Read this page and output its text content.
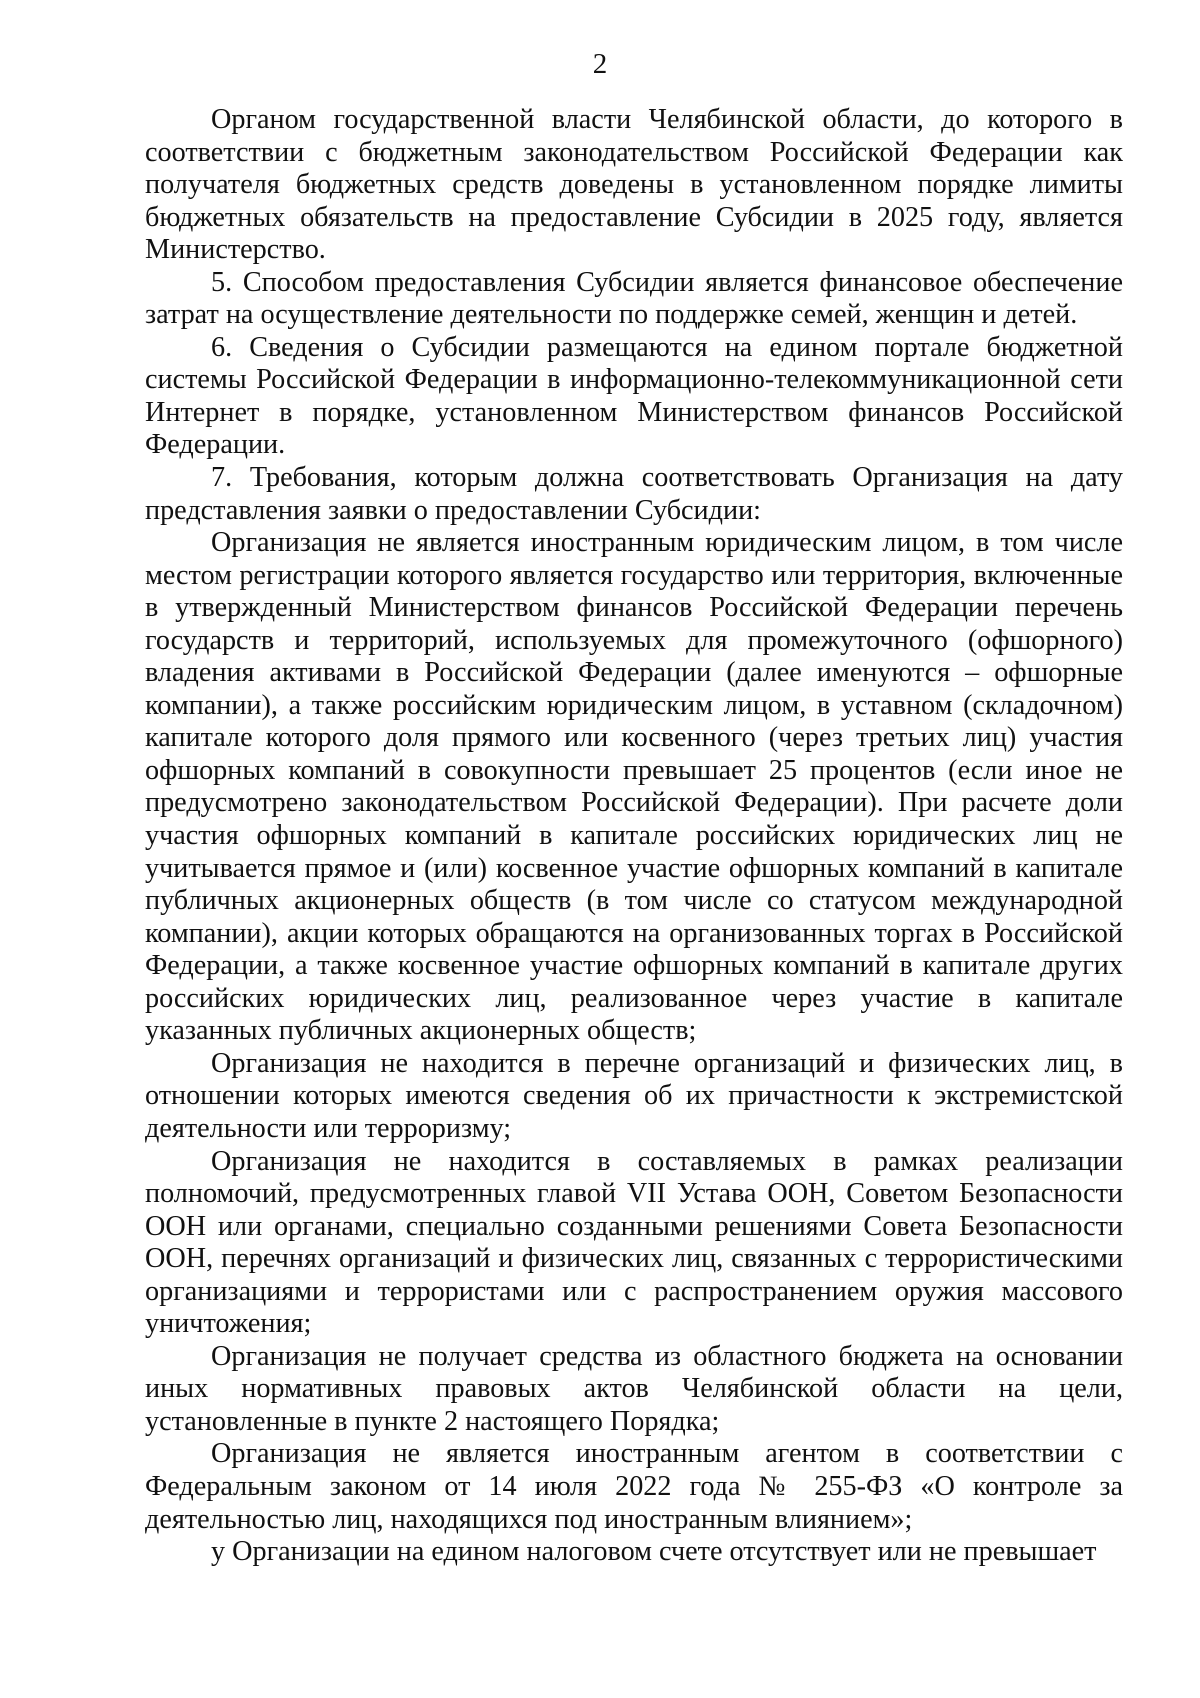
2

Органом государственной власти Челябинской области, до которого в соответствии с бюджетным законодательством Российской Федерации как получателя бюджетных средств доведены в установленном порядке лимиты бюджетных обязательств на предоставление Субсидии в 2025 году, является Министерство.

5. Способом предоставления Субсидии является финансовое обеспечение затрат на осуществление деятельности по поддержке семей, женщин и детей.

6. Сведения о Субсидии размещаются на едином портале бюджетной системы Российской Федерации в информационно-телекоммуникационной сети Интернет в порядке, установленном Министерством финансов Российской Федерации.

7. Требования, которым должна соответствовать Организация на дату представления заявки о предоставлении Субсидии:

Организация не является иностранным юридическим лицом, в том числе местом регистрации которого является государство или территория, включенные в утвержденный Министерством финансов Российской Федерации перечень государств и территорий, используемых для промежуточного (офшорного) владения активами в Российской Федерации (далее именуются – офшорные компании), а также российским юридическим лицом, в уставном (складочном) капитале которого доля прямого или косвенного (через третьих лиц) участия офшорных компаний в совокупности превышает 25 процентов (если иное не предусмотрено законодательством Российской Федерации). При расчете доли участия офшорных компаний в капитале российских юридических лиц не учитывается прямое и (или) косвенное участие офшорных компаний в капитале публичных акционерных обществ (в том числе со статусом международной компании), акции которых обращаются на организованных торгах в Российской Федерации, а также косвенное участие офшорных компаний в капитале других российских юридических лиц, реализованное через участие в капитале указанных публичных акционерных обществ;

Организация не находится в перечне организаций и физических лиц, в отношении которых имеются сведения об их причастности к экстремистской деятельности или терроризму;

Организация не находится в составляемых в рамках реализации полномочий, предусмотренных главой VII Устава ООН, Советом Безопасности ООН или органами, специально созданными решениями Совета Безопасности ООН, перечнях организаций и физических лиц, связанных с террористическими организациями и террористами или с распространением оружия массового уничтожения;

Организация не получает средства из областного бюджета на основании иных нормативных правовых актов Челябинской области на цели, установленные в пункте 2 настоящего Порядка;

Организация не является иностранным агентом в соответствии с Федеральным законом от 14 июля 2022 года № 255-ФЗ «О контроле за деятельностью лиц, находящихся под иностранным влиянием»;

у Организации на едином налоговом счете отсутствует или не превышает
